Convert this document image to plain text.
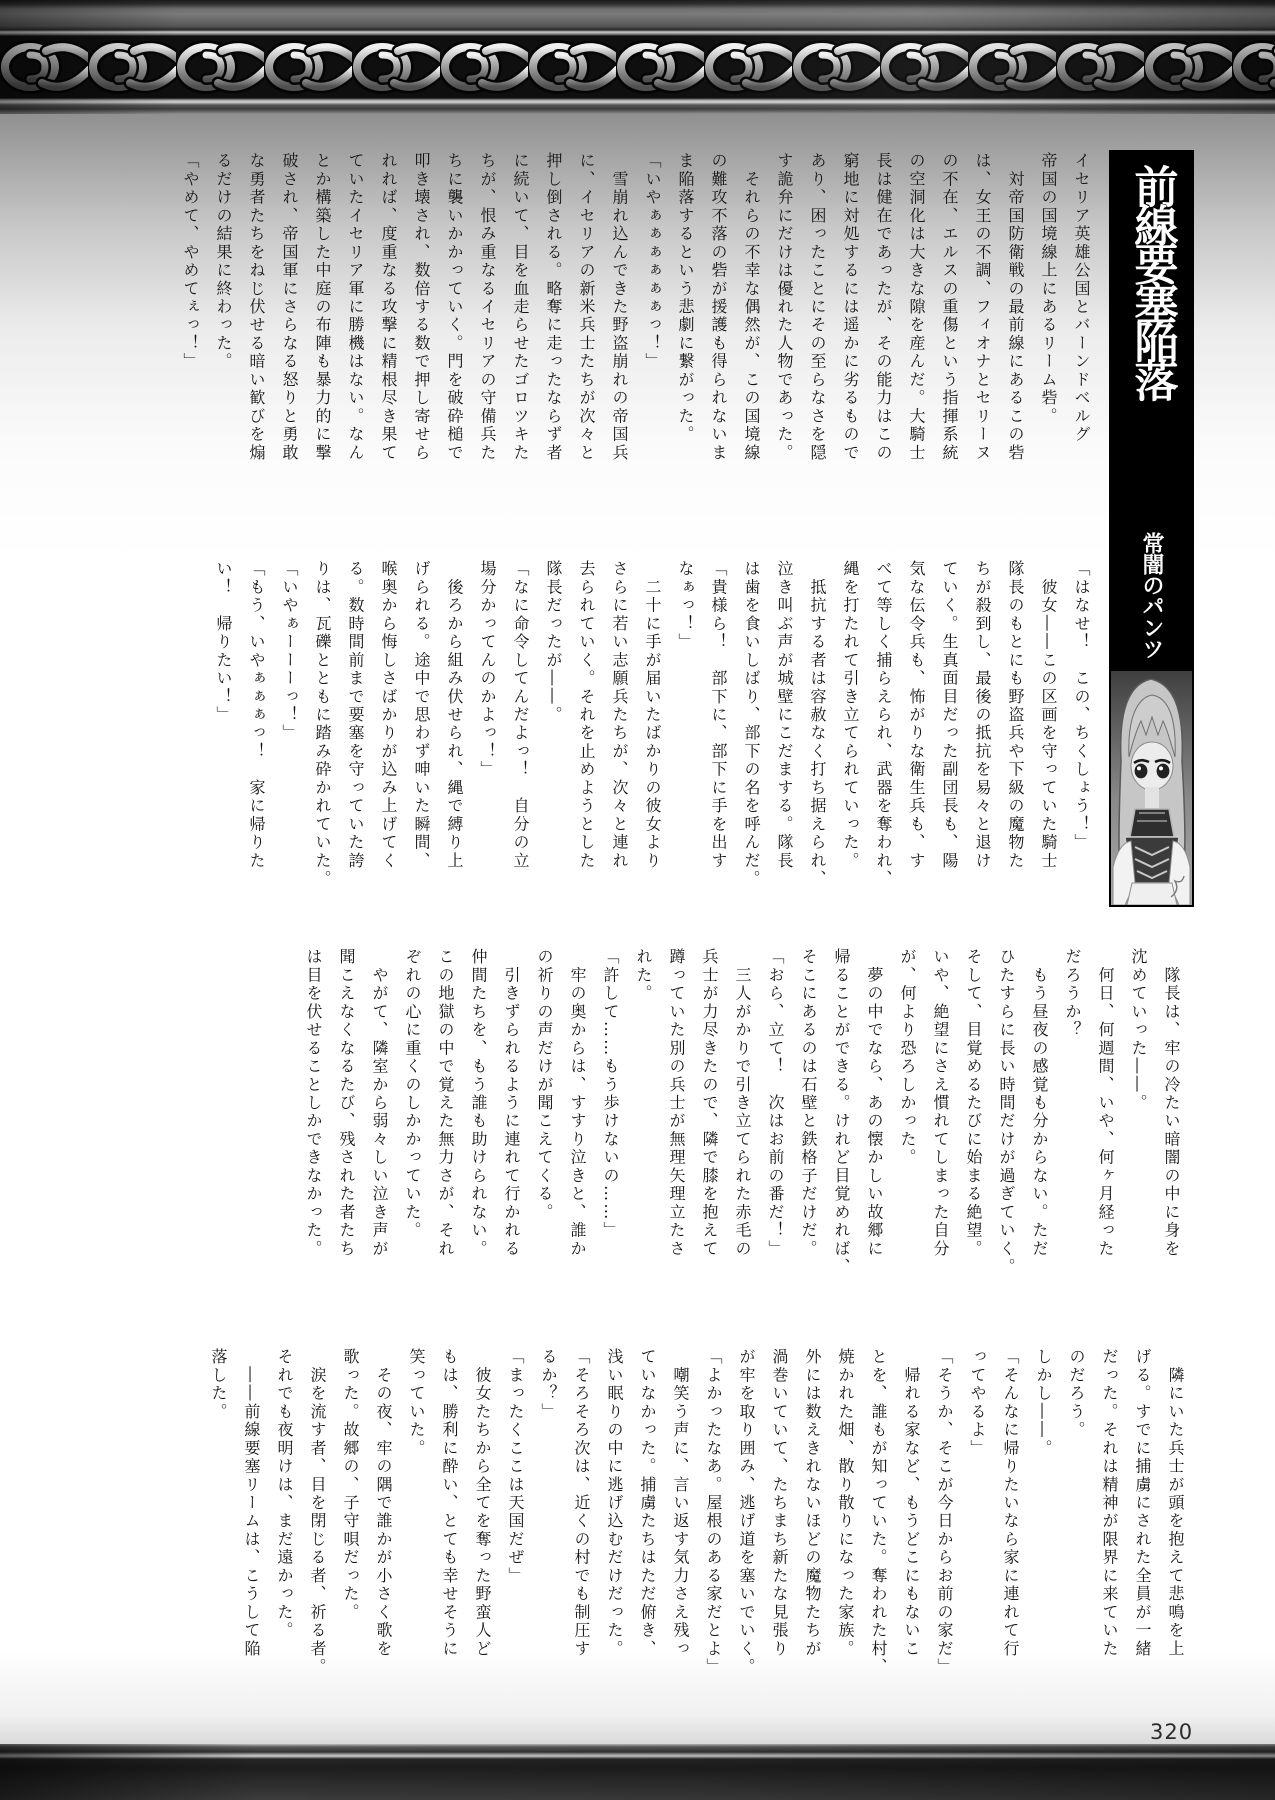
前線要塞陥落
常闇のパンツ
イセリア英雄公国とバーンドベルグ
帝国の国境線上にあるリーム砦。
　対帝国防衛戦の最前線にあるこの砦
は、女王の不調、フィオナとセリーヌ
の不在、エルスの重傷という指揮系統
の空洞化は大きな隙を産んだ。大騎士
長は健在であったが、その能力はこの
窮地に対処するには遥かに劣るもので
あり、困ったことにその至らなさを隠
す詭弁にだけは優れた人物であった。
　それらの不幸な偶然が、この国境線
の難攻不落の砦が援護も得られないま
ま陥落するという悲劇に繋がった。
「いやぁぁぁぁぁぁっ！」
　雪崩れ込んできた野盗崩れの帝国兵
に、イセリアの新米兵士たちが次々と
押し倒される。略奪に走ったならず者
に続いて、目を血走らせたゴロツキた
ちが、恨み重なるイセリアの守備兵た
ちに襲いかかっていく。門を破砕槌で
叩き壊され、数倍する数で押し寄せら
れれば、度重なる攻撃に精根尽き果て
ていたイセリア軍に勝機はない。なん
とか構築した中庭の布陣も暴力的に撃
破され、帝国軍にさらなる怒りと勇敢
な勇者たちをねじ伏せる暗い歓びを煽
るだけの結果に終わった。
「やめて、やめてぇっ！」
「はなせ！　この、ちくしょう！」
　彼女――この区画を守っていた騎士
隊長のもとにも野盗兵や下級の魔物た
ちが殺到し、最後の抵抗を易々と退け
ていく。生真面目だった副団長も、陽
気な伝令兵も、怖がりな衛生兵も、す
べて等しく捕らえられ、武器を奪われ、
縄を打たれて引き立てられていった。
　抵抗する者は容赦なく打ち据えられ、
泣き叫ぶ声が城壁にこだまする。隊長
は歯を食いしばり、部下の名を呼んだ。
「貴様ら！　部下に、部下に手を出す
なぁっ！」
　二十に手が届いたばかりの彼女より
さらに若い志願兵たちが、次々と連れ
去られていく。それを止めようとした
隊長だったが――。
「なに命令してんだよっ！　自分の立
場分かってんのかよっ！」
　後ろから組み伏せられ、縄で縛り上
げられる。途中で思わず呻いた瞬間、
喉奥から悔しさばかりが込み上げてく
る。数時間前まで要塞を守っていた誇
りは、瓦礫とともに踏み砕かれていた。
「いやぁーーーっ！」
「もう、いやぁぁぁっ！　家に帰りた
い！　帰りたい！」
　隊長は、牢の冷たい暗闇の中に身を
沈めていった――。
　何日、何週間、いや、何ヶ月経った
だろうか？
　もう昼夜の感覚も分からない。ただ
ひたすらに長い時間だけが過ぎていく。
そして、目覚めるたびに始まる絶望。
いや、絶望にさえ慣れてしまった自分
が、何より恐ろしかった。
　夢の中でなら、あの懐かしい故郷に
帰ることができる。けれど目覚めれば、
そこにあるのは石壁と鉄格子だけだ。
「おら、立て！　次はお前の番だ！」
　三人がかりで引き立てられた赤毛の
兵士が力尽きたので、隣で膝を抱えて
蹲っていた別の兵士が無理矢理立たさ
れた。
「許して……もう歩けないの……」
　牢の奥からは、すすり泣きと、誰か
の祈りの声だけが聞こえてくる。
　引きずられるように連れて行かれる
仲間たちを、もう誰も助けられない。
この地獄の中で覚えた無力さが、それ
ぞれの心に重くのしかかっていた。
　やがて、隣室から弱々しい泣き声が
聞こえなくなるたび、残された者たち
は目を伏せることしかできなかった。
　隣にいた兵士が頭を抱えて悲鳴を上
げる。すでに捕虜にされた全員が一緒
だった。それは精神が限界に来ていた
のだろう。
しかし――。
「そんなに帰りたいなら家に連れて行
ってやるよ」
「そうか、そこが今日からお前の家だ」
　帰れる家など、もうどこにもないこ
とを、誰もが知っていた。奪われた村、
焼かれた畑、散り散りになった家族。
外には数えきれないほどの魔物たちが
渦巻いていて、たちまち新たな見張り
が牢を取り囲み、逃げ道を塞いでいく。
「よかったなあ。屋根のある家だとよ」
　嘲笑う声に、言い返す気力さえ残っ
ていなかった。捕虜たちはただ俯き、
浅い眠りの中に逃げ込むだけだった。
「そろそろ次は、近くの村でも制圧す
るか？」
「まったくここは天国だぜ」
　彼女たちから全てを奪った野蛮人ど
もは、勝利に酔い、とても幸せそうに
笑っていた。
　その夜、牢の隅で誰かが小さく歌を
歌った。故郷の、子守唄だった。
　涙を流す者、目を閉じる者、祈る者。
それでも夜明けは、まだ遠かった。
　――前線要塞リームは、こうして陥
落した。
320
